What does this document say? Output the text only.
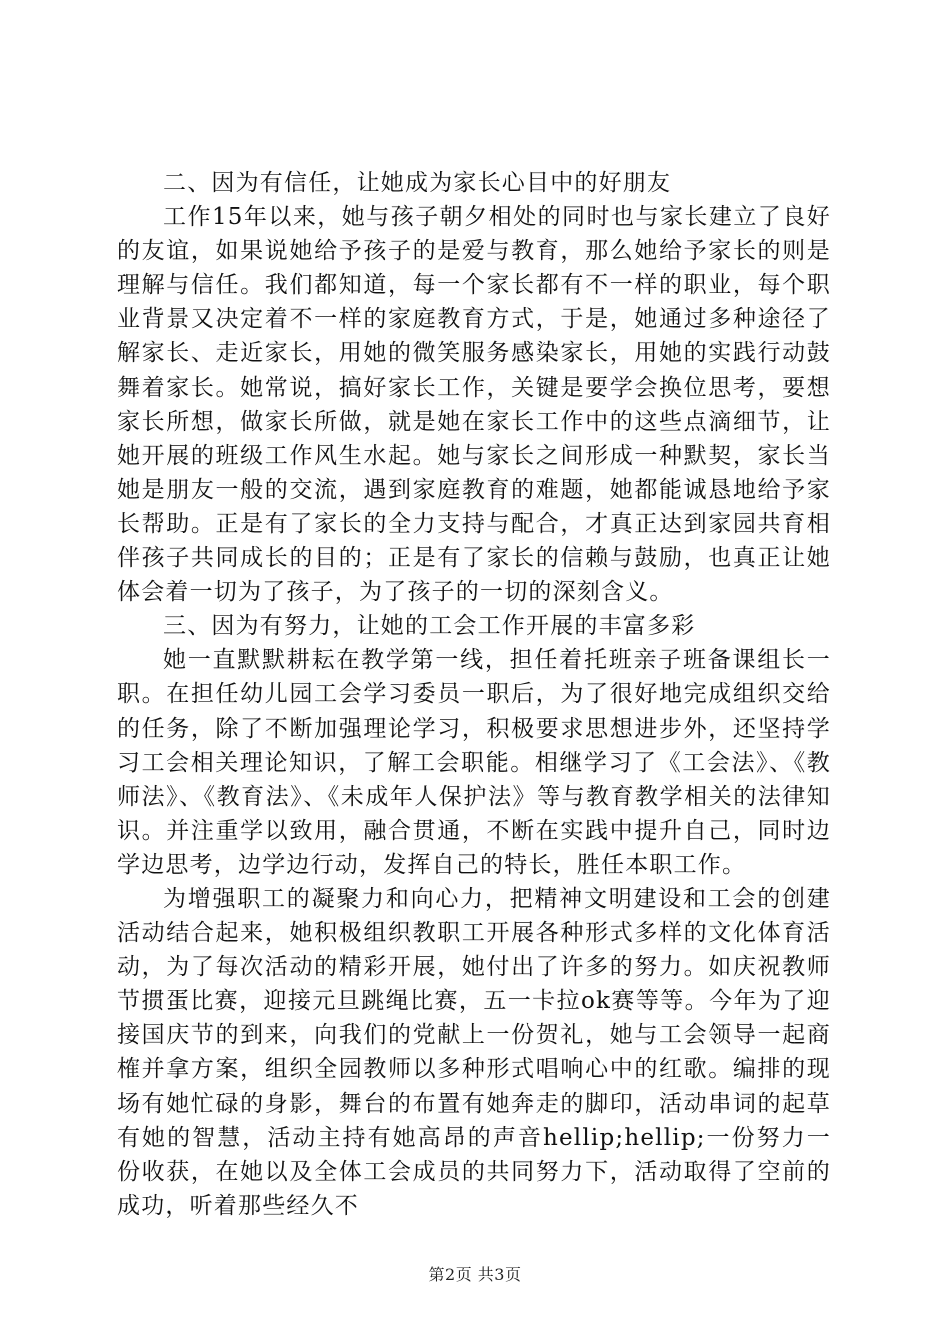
二、因为有信任，让她成为家长心目中的好朋友

工作15年以来，她与孩子朝夕相处的同时也与家长建立了良好的友谊，如果说她给予孩子的是爱与教育，那么她给予家长的则是理解与信任。我们都知道，每一个家长都有不一样的职业，每个职业背景又决定着不一样的家庭教育方式，于是，她通过多种途径了解家长、走近家长，用她的微笑服务感染家长，用她的实践行动鼓舞着家长。她常说，搞好家长工作，关键是要学会换位思考，要想家长所想，做家长所做，就是她在家长工作中的这些点滴细节，让她开展的班级工作风生水起。她与家长之间形成一种默契，家长当她是朋友一般的交流，遇到家庭教育的难题，她都能诚恳地给予家长帮助。正是有了家长的全力支持与配合，才真正达到家园共育相伴孩子共同成长的目的；正是有了家长的信赖与鼓励，也真正让她体会着一切为了孩子，为了孩子的一切的深刻含义。

三、因为有努力，让她的工会工作开展的丰富多彩

她一直默默耕耘在教学第一线，担任着托班亲子班备课组长一职。在担任幼儿园工会学习委员一职后，为了很好地完成组织交给的任务，除了不断加强理论学习，积极要求思想进步外，还坚持学习工会相关理论知识，了解工会职能。相继学习了《工会法》、《教师法》、《教育法》、《未成年人保护法》等与教育教学相关的法律知识。并注重学以致用，融合贯通，不断在实践中提升自己，同时边学边思考，边学边行动，发挥自己的特长，胜任本职工作。

为增强职工的凝聚力和向心力，把精神文明建设和工会的创建活动结合起来，她积极组织教职工开展各种形式多样的文化体育活动，为了每次活动的精彩开展，她付出了许多的努力。如庆祝教师节掼蛋比赛，迎接元旦跳绳比赛，五一卡拉ok赛等等。今年为了迎接国庆节的到来，向我们的党献上一份贺礼，她与工会领导一起商榷并拿方案，组织全园教师以多种形式唱响心中的红歌。编排的现场有她忙碌的身影，舞台的布置有她奔走的脚印，活动串词的起草有她的智慧，活动主持有她高昂的声音hellip;hellip;一份努力一份收获，在她以及全体工会成员的共同努力下，活动取得了空前的成功，听着那些经久不

第2页 共3页
